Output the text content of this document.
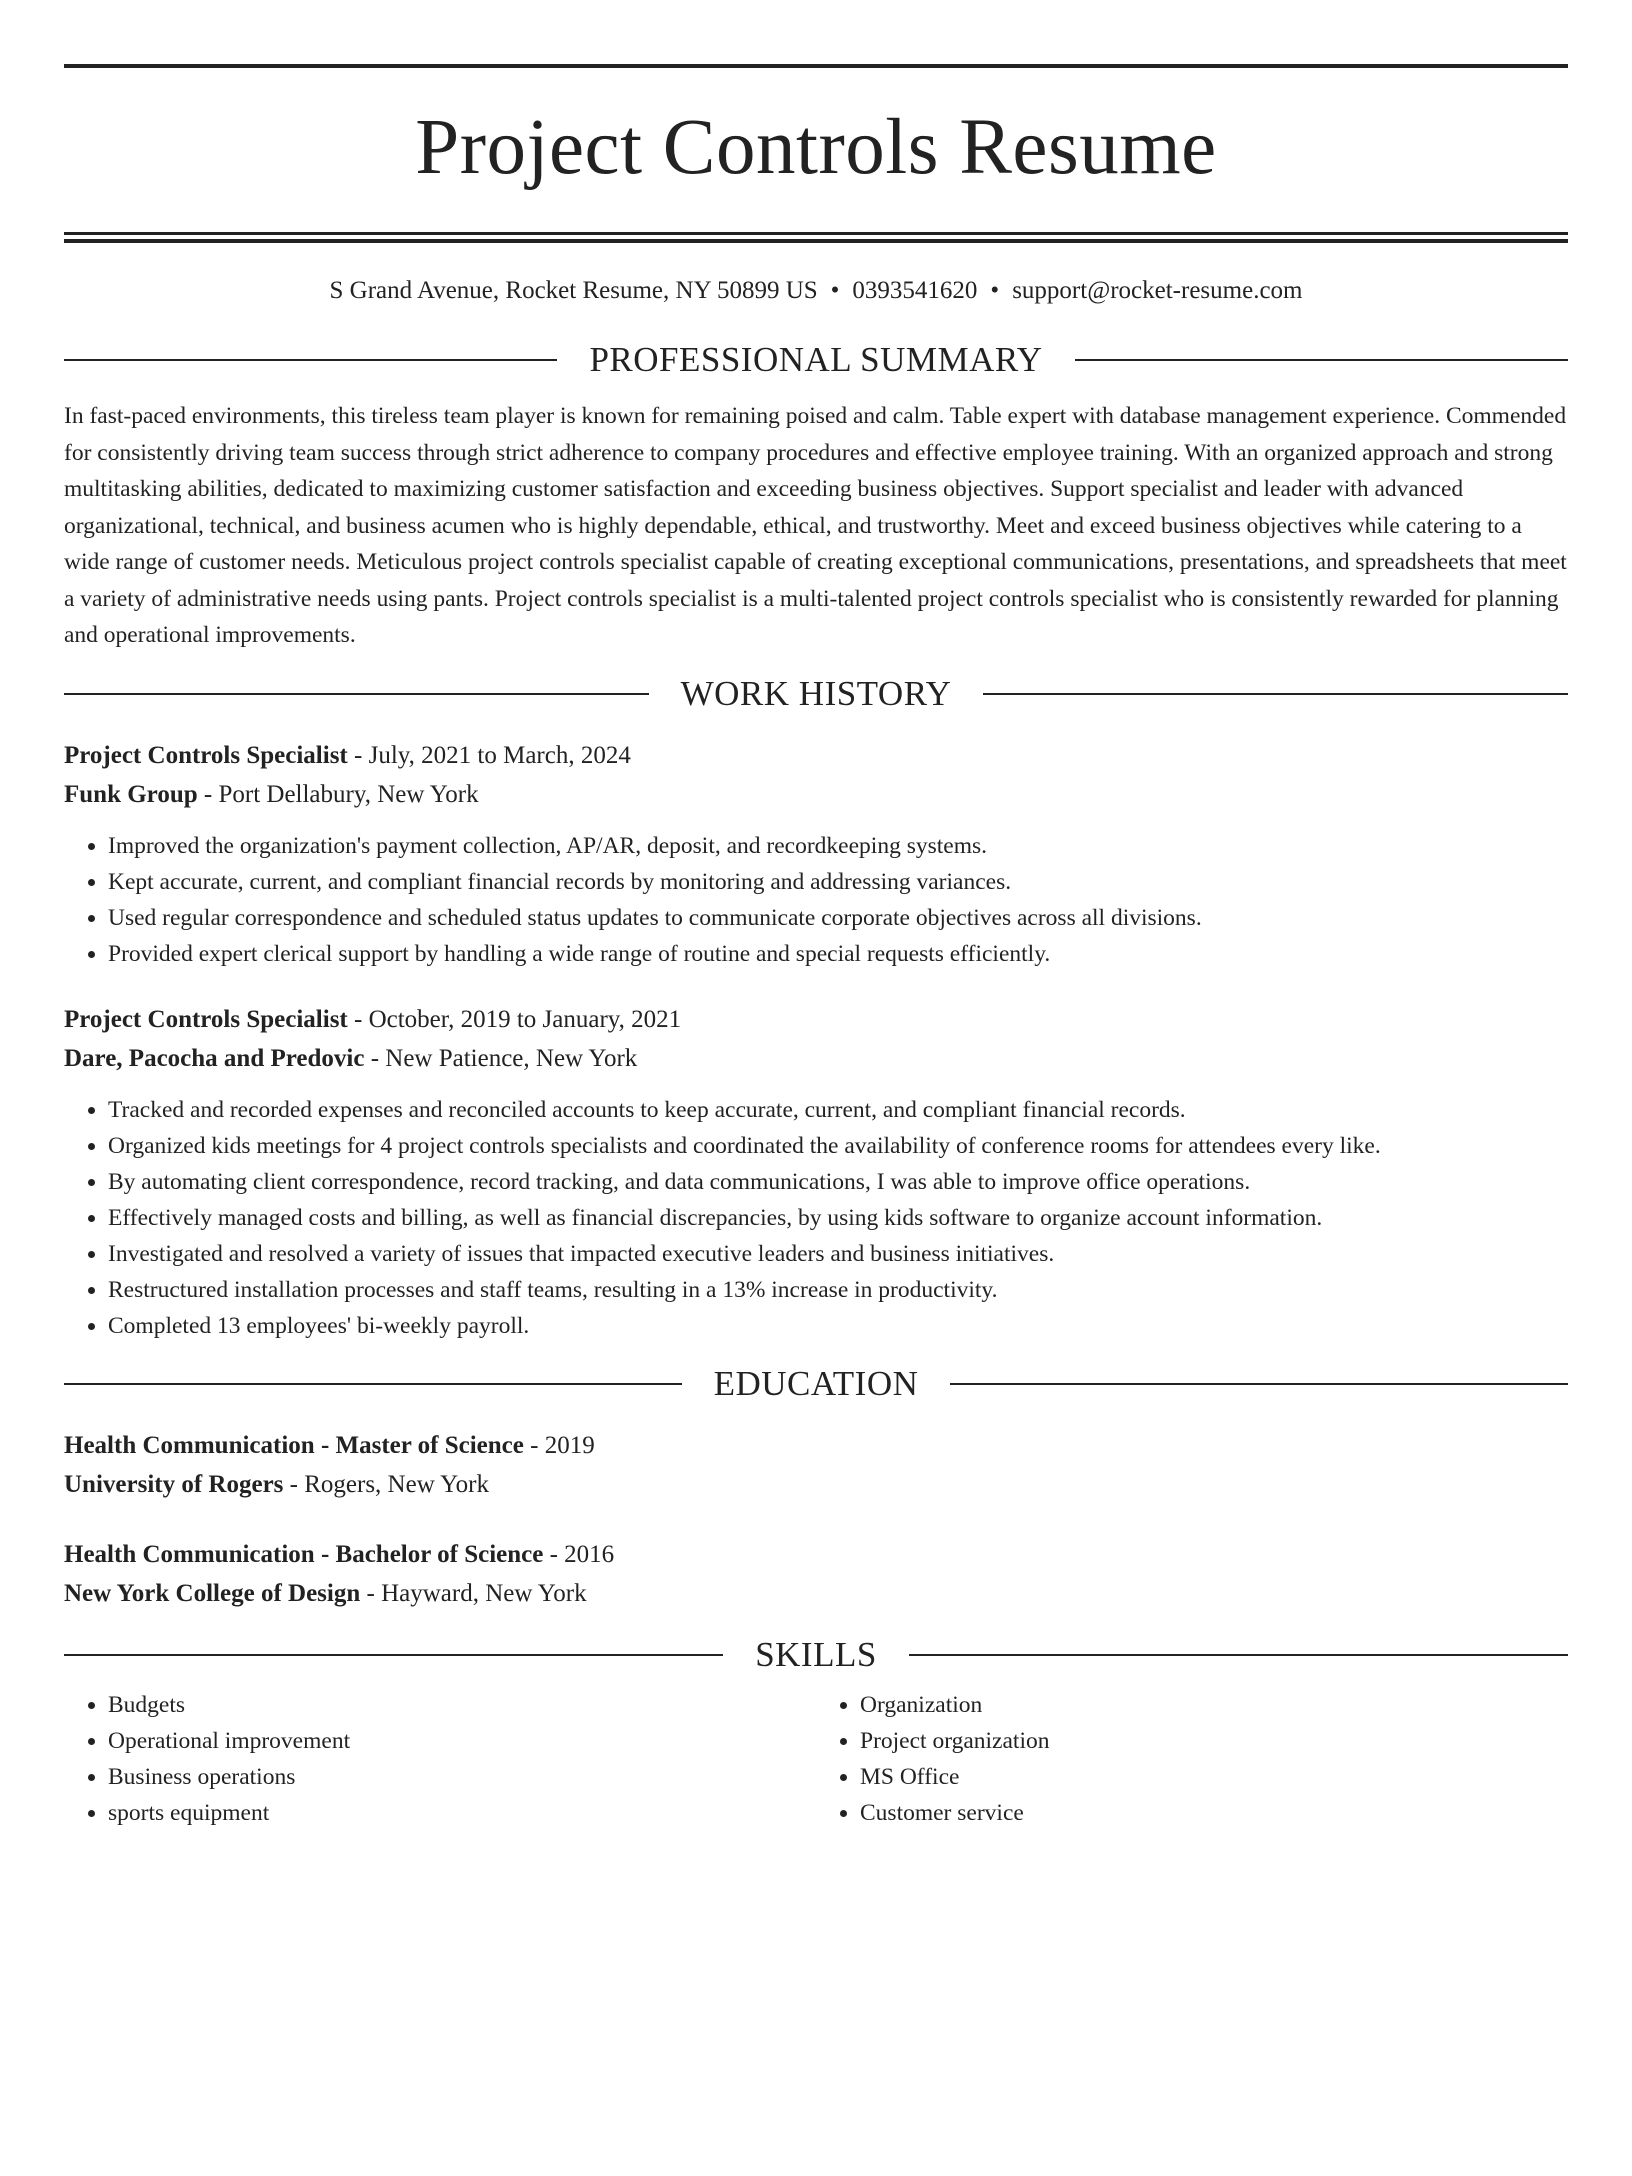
Project Controls Resume
S Grand Avenue, Rocket Resume, NY 50899 US • 0393541620 • support@rocket-resume.com
PROFESSIONAL SUMMARY
In fast-paced environments, this tireless team player is known for remaining poised and calm. Table expert with database management experience. Commended for consistently driving team success through strict adherence to company procedures and effective employee training. With an organized approach and strong multitasking abilities, dedicated to maximizing customer satisfaction and exceeding business objectives. Support specialist and leader with advanced organizational, technical, and business acumen who is highly dependable, ethical, and trustworthy. Meet and exceed business objectives while catering to a wide range of customer needs. Meticulous project controls specialist capable of creating exceptional communications, presentations, and spreadsheets that meet a variety of administrative needs using pants. Project controls specialist is a multi-talented project controls specialist who is consistently rewarded for planning and operational improvements.
WORK HISTORY
Project Controls Specialist - July, 2021 to March, 2024
Funk Group - Port Dellabury, New York
• Improved the organization's payment collection, AP/AR, deposit, and recordkeeping systems.
• Kept accurate, current, and compliant financial records by monitoring and addressing variances.
• Used regular correspondence and scheduled status updates to communicate corporate objectives across all divisions.
• Provided expert clerical support by handling a wide range of routine and special requests efficiently.
Project Controls Specialist - October, 2019 to January, 2021
Dare, Pacocha and Predovic - New Patience, New York
• Tracked and recorded expenses and reconciled accounts to keep accurate, current, and compliant financial records.
• Organized kids meetings for 4 project controls specialists and coordinated the availability of conference rooms for attendees every like.
• By automating client correspondence, record tracking, and data communications, I was able to improve office operations.
• Effectively managed costs and billing, as well as financial discrepancies, by using kids software to organize account information.
• Investigated and resolved a variety of issues that impacted executive leaders and business initiatives.
• Restructured installation processes and staff teams, resulting in a 13% increase in productivity.
• Completed 13 employees' bi-weekly payroll.
EDUCATION
Health Communication - Master of Science - 2019
University of Rogers - Rogers, New York
Health Communication - Bachelor of Science - 2016
New York College of Design - Hayward, New York
SKILLS
• Budgets
• Operational improvement
• Business operations
• sports equipment
• Organization
• Project organization
• MS Office
• Customer service
